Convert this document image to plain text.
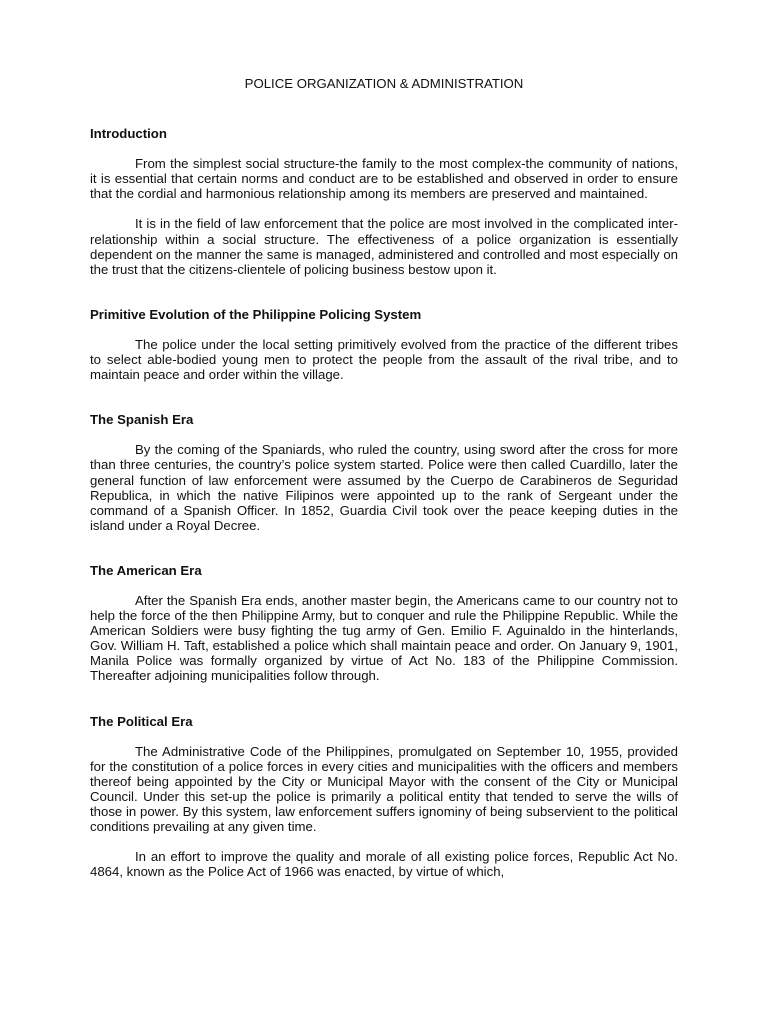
POLICE ORGANIZATION & ADMINISTRATION
Introduction
From the simplest social structure-the family to the most complex-the community of nations, it is essential that certain norms and conduct are to be established and observed in order to ensure that the cordial and harmonious relationship among its members are preserved and maintained.
It is in the field of law enforcement that the police are most involved in the complicated inter-relationship within a social structure. The effectiveness of a police organization is essentially dependent on the manner the same is managed, administered and controlled and most especially on the trust that the citizens-clientele of policing business bestow upon it.
Primitive Evolution of the Philippine Policing System
The police under the local setting primitively evolved from the practice of the different tribes to select able-bodied young men to protect the people from the assault of the rival tribe, and to maintain peace and order within the village.
The Spanish Era
By the coming of the Spaniards, who ruled the country, using sword after the cross for more than three centuries, the country’s police system started. Police were then called Cuardillo, later the general function of law enforcement were assumed by the Cuerpo de Carabineros de Seguridad Republica, in which the native Filipinos were appointed up to the rank of Sergeant under the command of a Spanish Officer. In 1852, Guardia Civil took over the peace keeping duties in the island under a Royal Decree.
The American Era
After the Spanish Era ends, another master begin, the Americans came to our country not to help the force of the then Philippine Army, but to conquer and rule the Philippine Republic. While the American Soldiers were busy fighting the tug army of Gen. Emilio F. Aguinaldo in the hinterlands, Gov. William H. Taft, established a police which shall maintain peace and order. On January 9, 1901, Manila Police was formally organized by virtue of Act No. 183 of the Philippine Commission. Thereafter adjoining municipalities follow through.
The Political Era
The Administrative Code of the Philippines, promulgated on September 10, 1955, provided for the constitution of a police forces in every cities and municipalities with the officers and members thereof being appointed by the City or Municipal Mayor with the consent of the City or Municipal Council. Under this set-up the police is primarily a political entity that tended to serve the wills of those in power. By this system, law enforcement suffers ignominy of being subservient to the political conditions prevailing at any given time.
In an effort to improve the quality and morale of all existing police forces, Republic Act No. 4864, known as the Police Act of 1966 was enacted, by virtue of which,
